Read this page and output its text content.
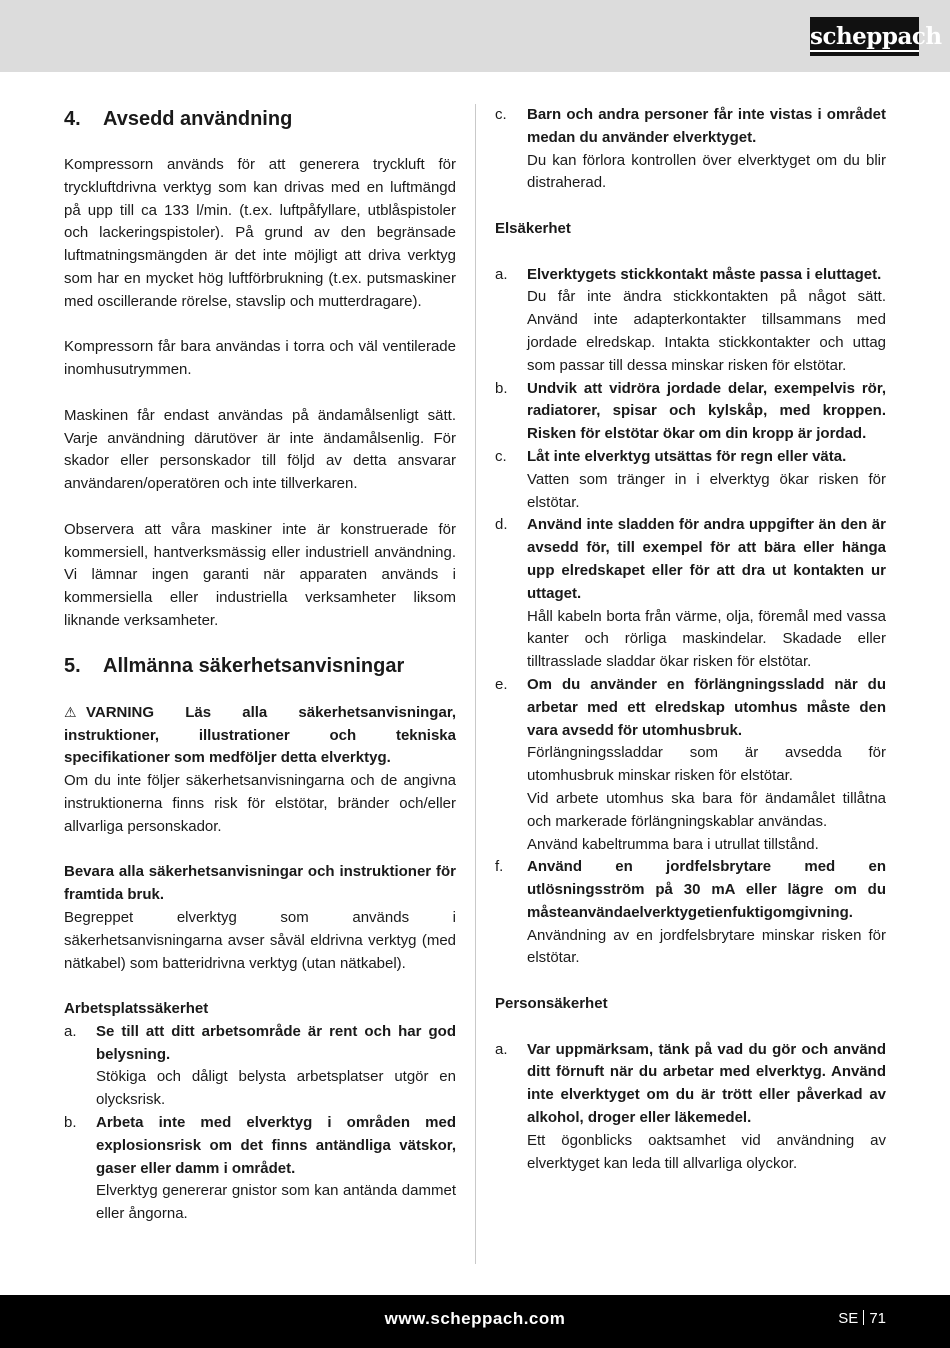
scheppach
4.	Avsedd användning
Kompressorn används för att generera tryckluft för tryckluftdrivna verktyg som kan drivas med en luftmängd på upp till ca 133 l/min. (t.ex. luftpåfyllare, utblåspistoler och lackeringspistoler). På grund av den begränsade luftmatningsmängden är det inte möjligt att driva verktyg som har en mycket hög luftförbrukning (t.ex. putsmaskiner med oscillerande rörelse, stavslip och mutterdragare).
Kompressorn får bara användas i torra och väl ventilerade inomhusutrymmen.
Maskinen får endast användas på ändamålsenligt sätt. Varje användning därutöver är inte ändamålsenlig. För skador eller personskador till följd av detta ansvarar användaren/operatören och inte tillverkaren.
Observera att våra maskiner inte är konstruerade för kommersiell, hantverksmässig eller industriell användning. Vi lämnar ingen garanti när apparaten används i kommersiella eller industriella verksamheter liksom liknande verksamheter.
5.	Allmänna säkerhetsanvisningar
⚠ VARNING Läs alla säkerhetsanvisningar, instruktioner, illustrationer och tekniska specifikationer som medföljer detta elverktyg.
Om du inte följer säkerhetsanvisningarna och de angivna instruktionerna finns risk för elstötar, bränder och/eller allvarliga personskador.
Bevara alla säkerhetsanvisningar och instruktioner för framtida bruk.
Begreppet elverktyg som används i säkerhetsanvisningarna avser såväl eldrivna verktyg (med nätkabel) som batteridrivna verktyg (utan nätkabel).
Arbetsplatssäkerhet
a.	Se till att ditt arbetsområde är rent och har god belysning.
Stökiga och dåligt belysta arbetsplatser utgör en olycksrisk.
b.	Arbeta inte med elverktyg i områden med explosionsrisk om det finns antändliga vätskor, gaser eller damm i området.
Elverktyg genererar gnistor som kan antända dammet eller ångorna.
c.	Barn och andra personer får inte vistas i området medan du använder elverktyget.
Du kan förlora kontrollen över elverktyget om du blir distraherad.
Elsäkerhet
a.	Elverktygets stickkontakt måste passa i eluttaget.
Du får inte ändra stickkontakten på något sätt. Använd inte adapterkontakter tillsammans med jordade elredskap. Intakta stickkontakter och uttag som passar till dessa minskar risken för elstötar.
b.	Undvik att vidröra jordade delar, exempelvis rör, radiatorer, spisar och kylskåp, med kroppen. Risken för elstötar ökar om din kropp är jordad.
c.	Låt inte elverktyg utsättas för regn eller väta.
Vatten som tränger in i elverktyg ökar risken för elstötar.
d.	Använd inte sladden för andra uppgifter än den är avsedd för, till exempel för att bära eller hänga upp elredskapet eller för att dra ut kontakten ur uttaget.
Håll kabeln borta från värme, olja, föremål med vassa kanter och rörliga maskindelar. Skadade eller tilltrasslade sladdar ökar risken för elstötar.
e.	Om du använder en förlängningssladd när du arbetar med ett elredskap utomhus måste den vara avsedd för utomhusbruk.
Förlängningssladdar som är avsedda för utomhusbruk minskar risken för elstötar.
Vid arbete utomhus ska bara för ändamålet tillåtna och markerade förlängningskablar användas.
Använd kabeltrumma bara i utrullat tillstånd.
f.	Använd en jordfelsbrytare med en utlösningsström på 30 mA eller lägre om du måsteanvändaelverktygetienfuktigomgivning.
Användning av en jordfelsbrytare minskar risken för elstötar.
Personsäkerhet
a.	Var uppmärksam, tänk på vad du gör och använd ditt förnuft när du arbetar med elverktyg. Använd inte elverktyget om du är trött eller påverkad av alkohol, droger eller läkemedel.
Ett ögonblicks oaktsamhet vid användning av elverktyget kan leda till allvarliga olyckor.
www.scheppach.com	SE 71
